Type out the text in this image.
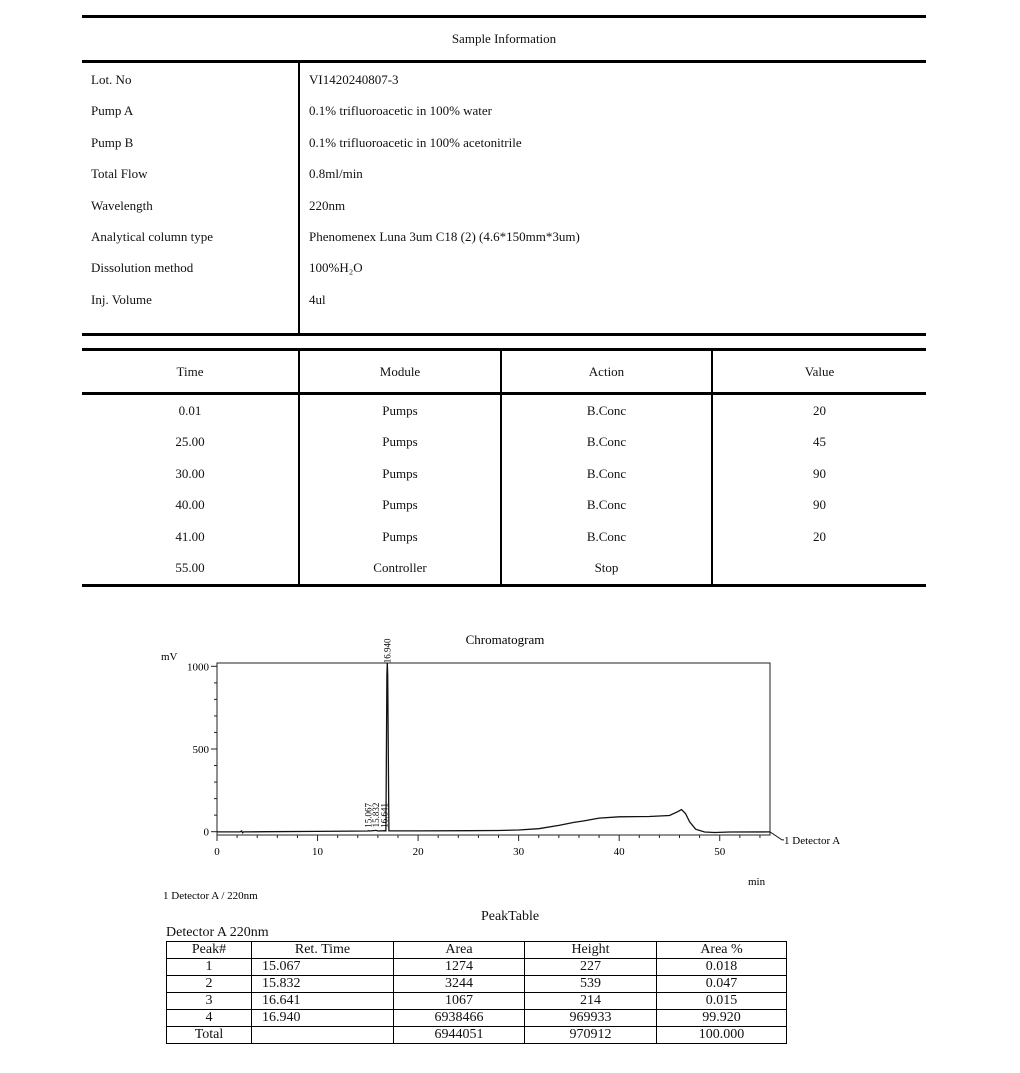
Sample Information
Lot. No	VI1420240807-3
Pump A	0.1% trifluoroacetic in 100% water
Pump B	0.1% trifluoroacetic in 100% acetonitrile
Total Flow	0.8ml/min
Wavelength	220nm
Analytical column type	Phenomenex Luna 3um C18 (2) (4.6*150mm*3um)
Dissolution method	100%H₂O
Inj. Volume	4ul
Time	Module	Action	Value
0.01	Pumps	B.Conc	20
25.00	Pumps	B.Conc	45
30.00	Pumps	B.Conc	90
40.00	Pumps	B.Conc	90
41.00	Pumps	B.Conc	20
55.00	Controller	Stop
Chromatogram
mV
min
1 Detector A / 220nm
0	10	20	30	40	50
0
500
1000
15.067
15.832
16.641
16.940
1 Detector A
PeakTable
Detector A 220nm
Peak#	Ret. Time	Area	Height	Area %
1	15.067	1274	227	0.018
2	15.832	3244	539	0.047
3	16.641	1067	214	0.015
4	16.940	6938466	969933	99.920
Total		6944051	970912	100.000
